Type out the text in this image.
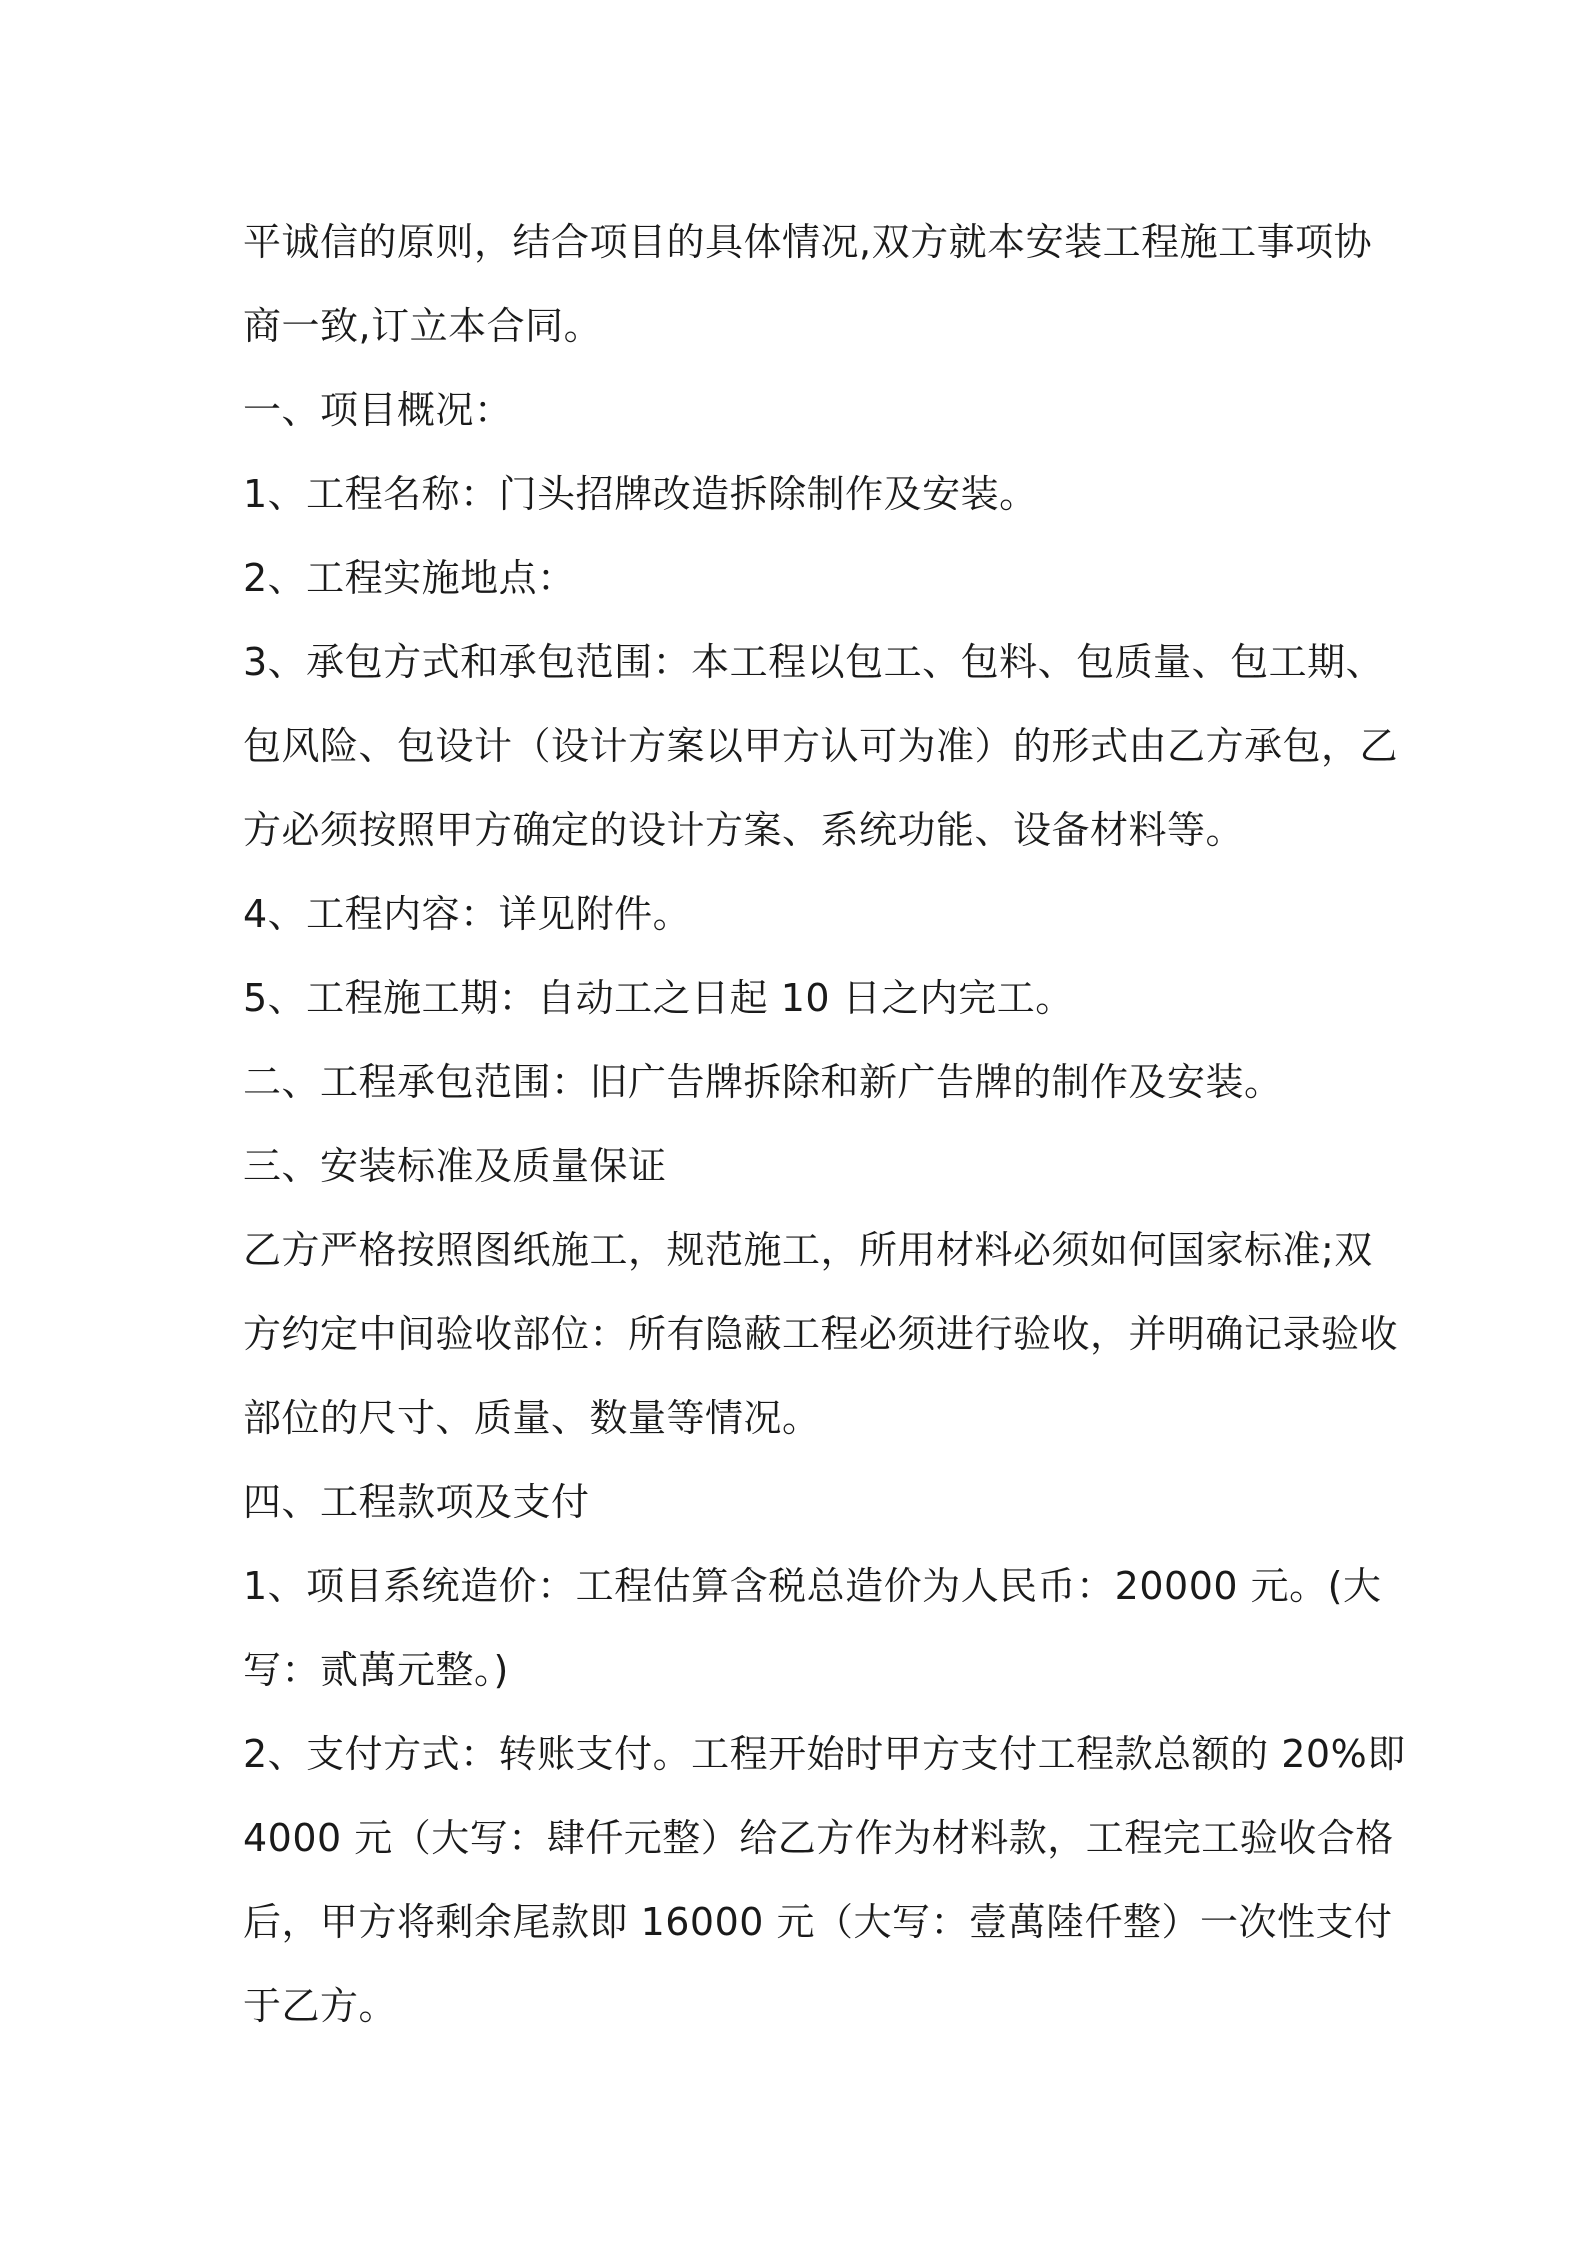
平诚信的原则，结合项目的具体情况,双方就本安装工程施工事项协
商一致,订立本合同。
一、项目概况：
1、工程名称：门头招牌改造拆除制作及安装。
2、工程实施地点：
3、承包方式和承包范围：本工程以包工、包料、包质量、包工期、
包风险、包设计（设计方案以甲方认可为准）的形式由乙方承包，乙
方必须按照甲方确定的设计方案、系统功能、设备材料等。
4、工程内容：详见附件。
5、工程施工期：自动工之日起 10 日之内完工。
二、工程承包范围：旧广告牌拆除和新广告牌的制作及安装。
三、安装标准及质量保证
乙方严格按照图纸施工，规范施工，所用材料必须如何国家标准;双
方约定中间验收部位：所有隐蔽工程必须进行验收，并明确记录验收
部位的尺寸、质量、数量等情况。
四、工程款项及支付
1、项目系统造价：工程估算含税总造价为人民币：20000 元。(大
写：贰萬元整。)
2、支付方式：转账支付。工程开始时甲方支付工程款总额的 20%即
4000 元（大写：肆仟元整）给乙方作为材料款，工程完工验收合格
后，甲方将剩余尾款即 16000 元（大写：壹萬陸仟整）一次性支付
于乙方。
